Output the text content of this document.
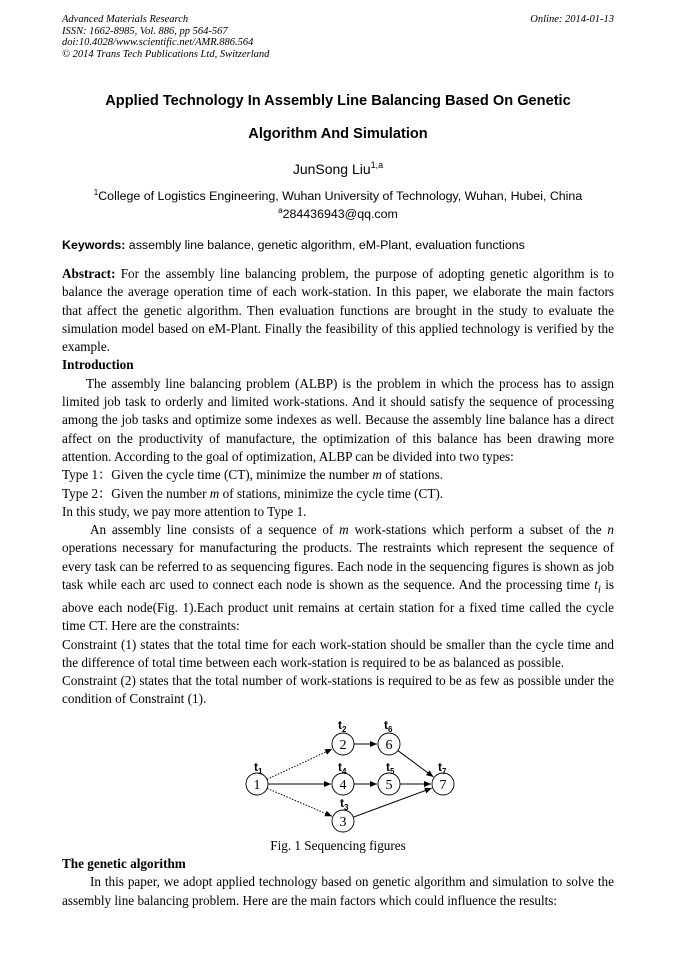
Advanced Materials Research
ISSN: 1662-8985, Vol. 886, pp 564-567
doi:10.4028/www.scientific.net/AMR.886.564
© 2014 Trans Tech Publications Ltd, Switzerland
Online: 2014-01-13
Applied Technology In Assembly Line Balancing Based On Genetic
Algorithm And Simulation
JunSong Liu$^{1,a}$
$^1$College of Logistics Engineering, Wuhan University of Technology, Wuhan, Hubei, China
$^a$284436943@qq.com
Keywords: assembly line balance, genetic algorithm, eM-Plant, evaluation functions

Abstract: For the assembly line balancing problem, the purpose of adopting genetic algorithm is to balance the average operation time of each work-station. In this paper, we elaborate the main factors that affect the genetic algorithm. Then evaluation functions are brought in the study to evaluate the simulation model based on eM-Plant. Finally the feasibility of this applied technology is verified by the example.

Introduction

The assembly line balancing problem (ALBP) is the problem in which the process has to assign limited job task to orderly and limited work-stations. And it should satisfy the sequence of processing among the job tasks and optimize some indexes as well. Because the assembly line balance has a direct affect on the productivity of manufacture, the optimization of this balance has been drawing more attention. According to the goal of optimization, ALBP can be divided into two types:

Type 1：Given the cycle time (CT), minimize the number m of stations.

Type 2：Given the number m of stations, minimize the cycle time (CT).

In this study, we pay more attention to Type 1.

An assembly line consists of a sequence of m work-stations which perform a subset of the n operations necessary for manufacturing the products. The restraints which represent the sequence of every task can be referred to as sequencing figures. Each node in the sequencing figures is shown as job task while each arc used to connect each node is shown as the sequence. And the processing time $t_i$ is above each node(Fig. 1).Each product unit remains at certain station for a fixed time called the cycle time CT. Here are the constraints:

Constraint (1) states that the total time for each work-station should be smaller than the cycle time and the difference of total time between each work-station is required to be as balanced as possible.

Constraint (2) states that the total number of work-stations is required to be as few as possible under the condition of Constraint (1).

1
$t_1$
2
$t_2$
3
$t_3$
4
$t_4$
5
$t_5$
6
$t_6$
7
$t_7$
Fig. 1 Sequencing figures

The genetic algorithm

In this paper, we adopt applied technology based on genetic algorithm and simulation to solve the assembly line balancing problem. Here are the main factors which could influence the results:
